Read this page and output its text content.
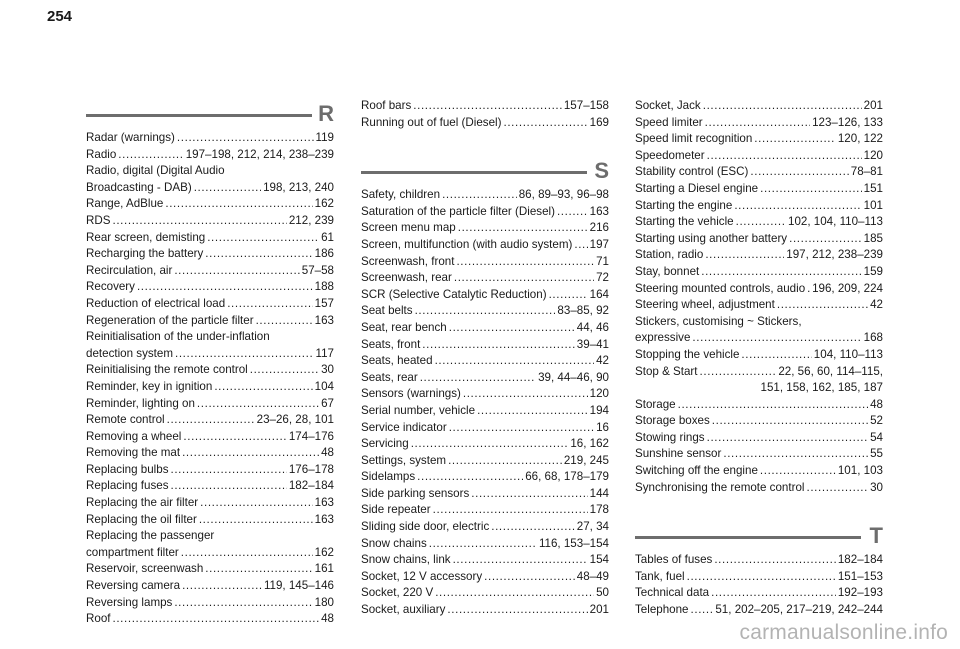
254
R
Radar (warnings) . . .	119
Radio . . .	197–198, 212, 214, 238–239
Radio, digital (Digital Audio
Broadcasting - DAB) . . .	198, 213, 240
Range, AdBlue . . .	162
RDS . . .	212, 239
Rear screen, demisting . . .	61
Recharging the battery . . .	186
Recirculation, air . . .	57–58
Recovery . . .	188
Reduction of electrical load . . .	157
Regeneration of the particle filter . . .	163
Reinitialisation of the under-inflation
detection system . . .	117
Reinitialising the remote control . . .	30
Reminder, key in ignition . . .	104
Reminder, lighting on . . .	67
Remote control . . .	23–26, 28, 101
Removing a wheel . . .	174–176
Removing the mat . . .	48
Replacing bulbs . . .	176–178
Replacing fuses . . .	182–184
Replacing the air filter . . .	163
Replacing the oil filter . . .	163
Replacing the passenger
compartment filter . . .	162
Reservoir, screenwash . . .	161
Reversing camera . . .	119, 145–146
Reversing lamps . . .	180
Roof . . .	48
Roof bars . . .	157–158
Running out of fuel (Diesel) . . .	169
S
Safety, children . . .	86, 89–93, 96–98
Saturation of the particle filter (Diesel) . . .	163
Screen menu map . . .	216
Screen, multifunction (with audio system) . . . 197
Screenwash, front . . .	71
Screenwash, rear . . .	72
SCR (Selective Catalytic Reduction) . . .	164
Seat belts . . .	83–85, 92
Seat, rear bench . . .	44, 46
Seats, front . . .	39–41
Seats, heated . . .	42
Seats, rear . . .	39, 44–46, 90
Sensors (warnings) . . .	120
Serial number, vehicle . . .	194
Service indicator . . .	16
Servicing . . .	16, 162
Settings, system . . .	219, 245
Sidelamps . . .	66, 68, 178–179
Side parking sensors . . .	144
Side repeater . . .	178
Sliding side door, electric . . .	27, 34
Snow chains . . .	116, 153–154
Snow chains, link . . .	154
Socket, 12 V accessory . . .	48–49
Socket, 220 V . . .	50
Socket, auxiliary . . .	201
Socket, Jack . . .	201
Speed limiter . . .	123–126, 133
Speed limit recognition . . .	120, 122
Speedometer . . .	120
Stability control (ESC) . . .	78–81
Starting a Diesel engine . . .	151
Starting the engine . . .	101
Starting the vehicle . . .	102, 104, 110–113
Starting using another battery . . .	185
Station, radio . . .	197, 212, 238–239
Stay, bonnet . . .	159
Steering mounted controls, audio . . . 196, 209, 224
Steering wheel, adjustment . . .	42
Stickers, customising ~ Stickers,
expressive . . .	168
Stopping the vehicle . . .	104, 110–113
Stop & Start . . .	22, 56, 60, 114–115,
151, 158, 162, 185, 187
Storage . . .	48
Storage boxes . . .	52
Stowing rings . . .	54
Sunshine sensor . . .	55
Switching off the engine . . .	101, 103
Synchronising the remote control . . .	30
T
Tables of fuses . . .	182–184
Tank, fuel . . .	151–153
Technical data . . .	192–193
Telephone . . . 51, 202–205, 217–219, 242–244
carmanualsonline.info
